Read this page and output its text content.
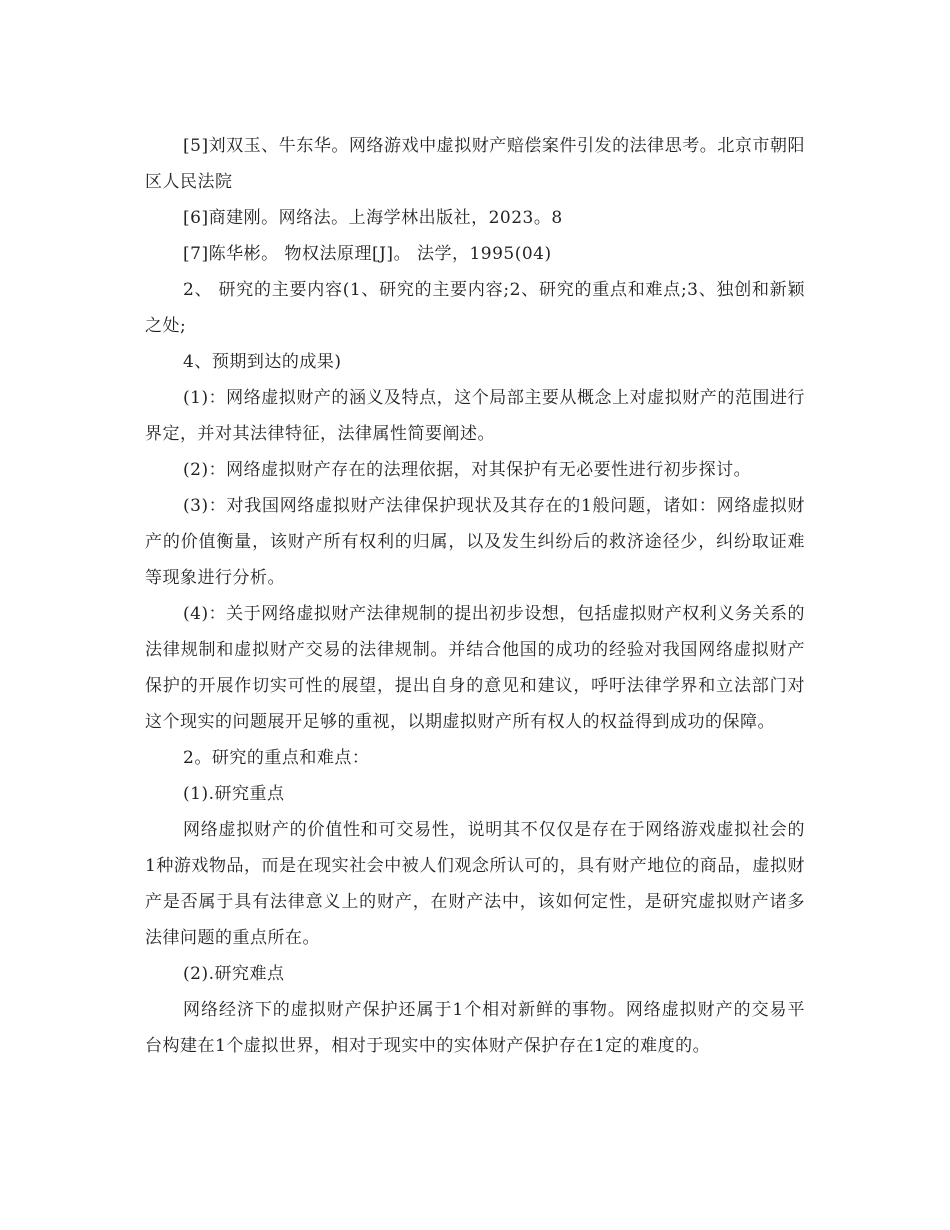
[5]刘双玉、牛东华。网络游戏中虚拟财产赔偿案件引发的法律思考。北京市朝阳区人民法院

[6]商建刚。网络法。上海学林出版社，2023。8

[7]陈华彬。 物权法原理[J]。 法学，1995(04)

2、 研究的主要内容(1、研究的主要内容;2、研究的重点和难点;3、独创和新颖之处;

4、预期到达的成果)

(1)：网络虚拟财产的涵义及特点，这个局部主要从概念上对虚拟财产的范围进行界定，并对其法律特征，法律属性简要阐述。

(2)：网络虚拟财产存在的法理依据，对其保护有无必要性进行初步探讨。

(3)：对我国网络虚拟财产法律保护现状及其存在的1般问题，诸如：网络虚拟财产的价值衡量，该财产所有权利的归属，以及发生纠纷后的救济途径少，纠纷取证难等现象进行分析。

(4)：关于网络虚拟财产法律规制的提出初步设想，包括虚拟财产权利义务关系的法律规制和虚拟财产交易的法律规制。并结合他国的成功的经验对我国网络虚拟财产保护的开展作切实可性的展望，提出自身的意见和建议，呼吁法律学界和立法部门对这个现实的问题展开足够的重视，以期虚拟财产所有权人的权益得到成功的保障。

2。研究的重点和难点：

(1).研究重点

网络虚拟财产的价值性和可交易性，说明其不仅仅是存在于网络游戏虚拟社会的1种游戏物品，而是在现实社会中被人们观念所认可的，具有财产地位的商品，虚拟财产是否属于具有法律意义上的财产，在财产法中，该如何定性，是研究虚拟财产诸多法律问题的重点所在。

(2).研究难点

网络经济下的虚拟财产保护还属于1个相对新鲜的事物。网络虚拟财产的交易平台构建在1个虚拟世界，相对于现实中的实体财产保护存在1定的难度的。
